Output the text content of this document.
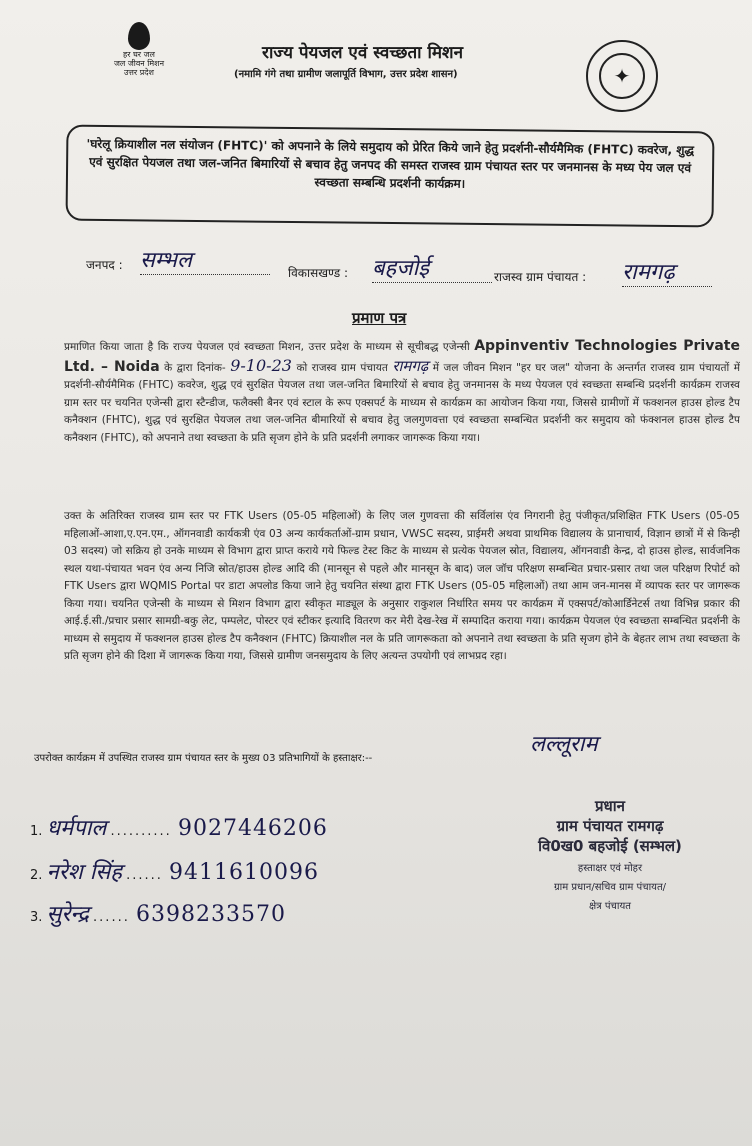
हर घर जल
जल जीवन मिशन
उत्तर प्रदेश
राज्य पेयजल एवं स्वच्छता मिशन
(नमामि गंगे तथा ग्रामीण जलापूर्ति विभाग, उत्तर प्रदेश शासन)	✦
'घरेलू क्रियाशील नल संयोजन (FHTC)' को अपनाने के लिये समुदाय को प्रेरित किये जाने हेतु प्रदर्शनी-सौर्यमैमिक (FHTC) कवरेज, शुद्ध एवं सुरक्षित पेयजल तथा जल-जनित बिमारियों से बचाव हेतु जनपद की समस्त राजस्व ग्राम पंचायत स्तर पर जनमानस के मध्य पेय जल एवं स्वच्छता सम्बन्धि प्रदर्शनी कार्यक्रम।
जनपद : सम्भल	विकासखण्ड : बहजोई	राजस्व ग्राम पंचायत : रामगढ़
प्रमाण पत्र
प्रमाणित किया जाता है कि राज्य पेयजल एवं स्वच्छता मिशन, उत्तर प्रदेश के माध्यम से सूचीबद्ध एजेन्सी Appinventiv Technologies Private Ltd. – Noida के द्वारा दिनांक- 9-10-23 को राजस्व ग्राम पंचायत रामगढ़ में जल जीवन मिशन "हर घर जल" योजना के अन्तर्गत राजस्व ग्राम पंचायतों में प्रदर्शनी-सौर्यमैमिक (FHTC) कवरेज, शुद्ध एवं सुरक्षित पेयजल तथा जल-जनित बिमारियों से बचाव हेतु जनमानस के मध्य पेयजल एवं स्वच्छता सम्बन्धि प्रदर्शनी कार्यक्रम राजस्व ग्राम स्तर पर चयनित एजेन्सी द्वारा स्टैन्डीज, फलैक्सी बैनर एवं स्टाल के रूप एक्सपर्ट के माध्यम से कार्यक्रम का आयोजन किया गया, जिससे ग्रामीणों में फक्शनल हाउस होल्ड टैप कनैक्शन (FHTC), शुद्ध एवं सुरक्षित पेयजल तथा जल-जनित बीमारियों से बचाव हेतु जलगुणवत्ता एवं स्वच्छता सम्बन्धित प्रदर्शनी कर समुदाय को फंक्शनल हाउस होल्ड टैप कनैक्शन (FHTC), को अपनाने तथा स्वच्छता के प्रति सृजग होने के प्रति प्रदर्शनी लगाकर जागरूक किया गया।
उक्त के अतिरिक्त राजस्व ग्राम स्तर पर FTK Users (05-05 महिलाओं) के लिए जल गुणवत्ता की सर्विलांस एंव निगरानी हेतु पंजीकृत/प्रशिक्षित FTK Users (05-05 महिलाओं-आशा,ए.एन.एम., ऑगनवाडी कार्यकत्री एंव 03 अन्य कार्यकर्ताओं-ग्राम प्रधान, VWSC सदस्य, प्राईमरी अथवा प्राथमिक विद्यालय के प्रानाचार्य, विज्ञान छात्रों में से किन्ही 03 सदस्य) जो सक्रिय हो उनके माध्यम से विभाग द्वारा प्राप्त कराये गये फिल्ड टेस्ट किट के माध्यम से प्रत्येक पेयजल स्रोत, विद्यालय, ऑगनवाडी केन्द्र, दो हाउस होल्ड, सार्वजनिक स्थल यथा-पंचायत भवन एंव अन्य निजि स्रोत/हाउस होल्ड आदि की (मानसून से पहले और मानसून के बाद) जल जॉच परिक्षण सम्बन्धित प्रचार-प्रसार तथा जल परिक्षण रिपोर्ट को FTK Users द्वारा WQMIS Portal पर डाटा अपलोड किया जाने हेतु चयनित संस्था द्वारा FTK Users (05-05 महिलाओं) तथा आम जन-मानस में व्यापक स्तर पर जागरूक किया गया। चयनित एजेन्सी के माध्यम से मिशन विभाग द्वारा स्वीकृत माड्यूल के अनुसार राकुशल निर्धारित समय पर कार्यक्रम में एक्सपर्ट/कोआर्डिनेटर्स तथा विभिन्न प्रकार की आई.ई.सी./प्रचार प्रसार सामग्री-बकु लेट, पम्पलेट, पोस्टर एवं स्टीकर इत्यादि वितरण कर मेरी देख-रेख में सम्पादित कराया गया। कार्यक्रम पेयजल एंव स्वच्छता सम्बन्धित प्रदर्शनी के माध्यम से समुदाय में फक्शनल हाउस होल्ड टैप कनैक्शन (FHTC) क्रियाशील नल के प्रति जागरूकता को अपनाने तथा स्वच्छता के प्रति सृजग होने के बेहतर लाभ तथा स्वच्छता के प्रति सृजग होने की दिशा में जागरूक किया गया, जिससे ग्रामीण जनसमुदाय के लिए अत्यन्त उपयोगी एवं लाभप्रद रहा।
उपरोक्त कार्यक्रम में उपस्थित राजस्व ग्राम पंचायत स्तर के मुख्य 03 प्रतिभागियों के हस्ताक्षर:--
1. धर्मपाल .......... 9027446206
2. नरेश सिंह ...... 9411610096
3. सुरेन्द्र ...... 6398233570
लल्लूराम
प्रधान
ग्राम पंचायत रामगढ़
वि0ख0 बहजोई (सम्भल)
हस्ताक्षर एवं मोहर
ग्राम प्रधान/सचिव ग्राम पंचायत/
क्षेत्र पंचायत
